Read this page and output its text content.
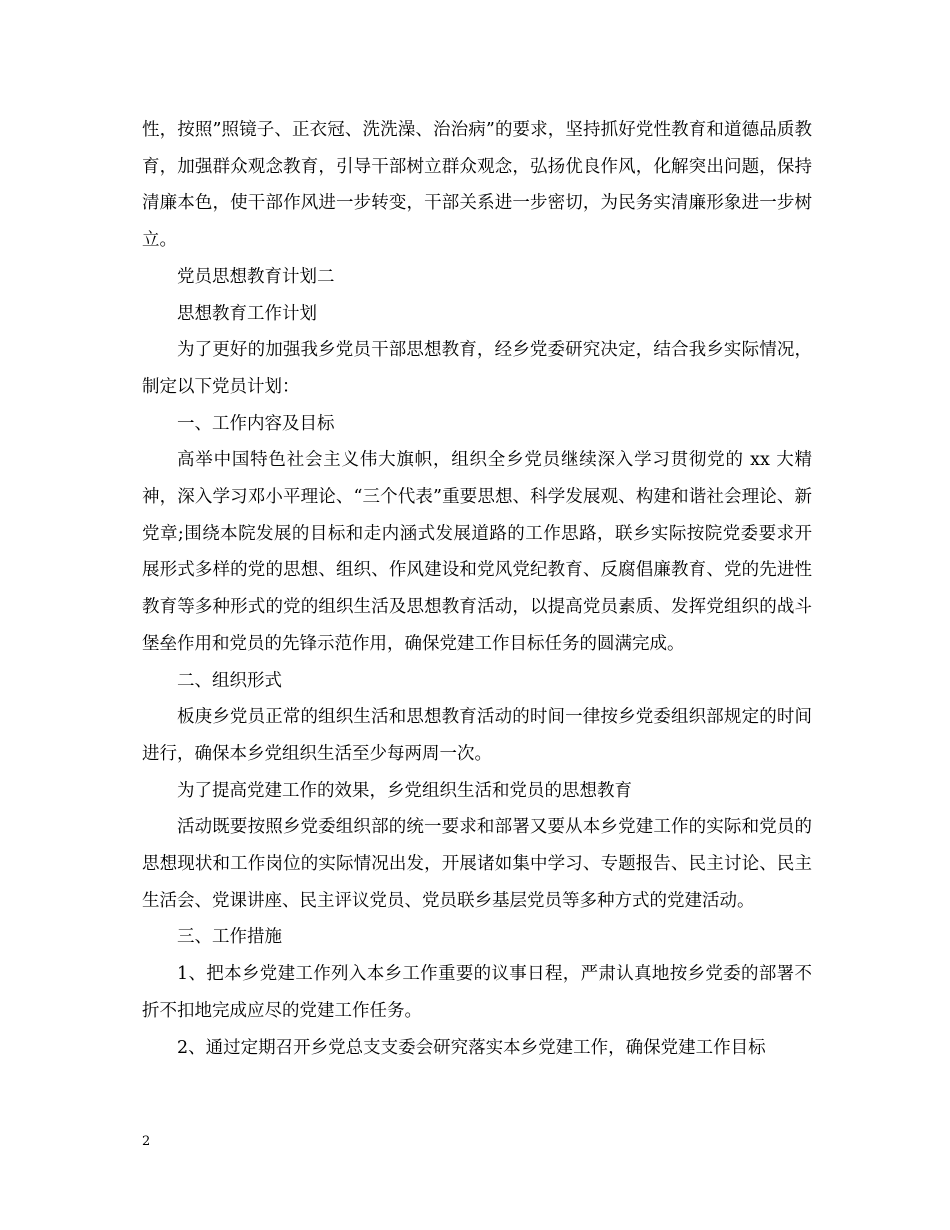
性，按照”照镜子、正衣冠、洗洗澡、治治病”的要求，坚持抓好党性教育和道德品质教育，加强群众观念教育，引导干部树立群众观念，弘扬优良作风，化解突出问题，保持清廉本色，使干部作风进一步转变，干部关系进一步密切，为民务实清廉形象进一步树立。

党员思想教育计划二

思想教育工作计划

为了更好的加强我乡党员干部思想教育，经乡党委研究决定，结合我乡实际情况，制定以下党员计划：

一、工作内容及目标

高举中国特色社会主义伟大旗帜，组织全乡党员继续深入学习贯彻党的 xx 大精神，深入学习邓小平理论、“三个代表”重要思想、科学发展观、构建和谐社会理论、新党章;围绕本院发展的目标和走内涵式发展道路的工作思路，联乡实际按院党委要求开展形式多样的党的思想、组织、作风建设和党风党纪教育、反腐倡廉教育、党的先进性教育等多种形式的党的组织生活及思想教育活动，以提高党员素质、发挥党组织的战斗堡垒作用和党员的先锋示范作用，确保党建工作目标任务的圆满完成。

二、组织形式

板庚乡党员正常的组织生活和思想教育活动的时间一律按乡党委组织部规定的时间进行，确保本乡党组织生活至少每两周一次。

为了提高党建工作的效果，乡党组织生活和党员的思想教育

活动既要按照乡党委组织部的统一要求和部署又要从本乡党建工作的实际和党员的思想现状和工作岗位的实际情况出发，开展诸如集中学习、专题报告、民主讨论、民主生活会、党课讲座、民主评议党员、党员联乡基层党员等多种方式的党建活动。

三、工作措施

1、把本乡党建工作列入本乡工作重要的议事日程，严肃认真地按乡党委的部署不折不扣地完成应尽的党建工作任务。

2、通过定期召开乡党总支支委会研究落实本乡党建工作，确保党建工作目标

2
